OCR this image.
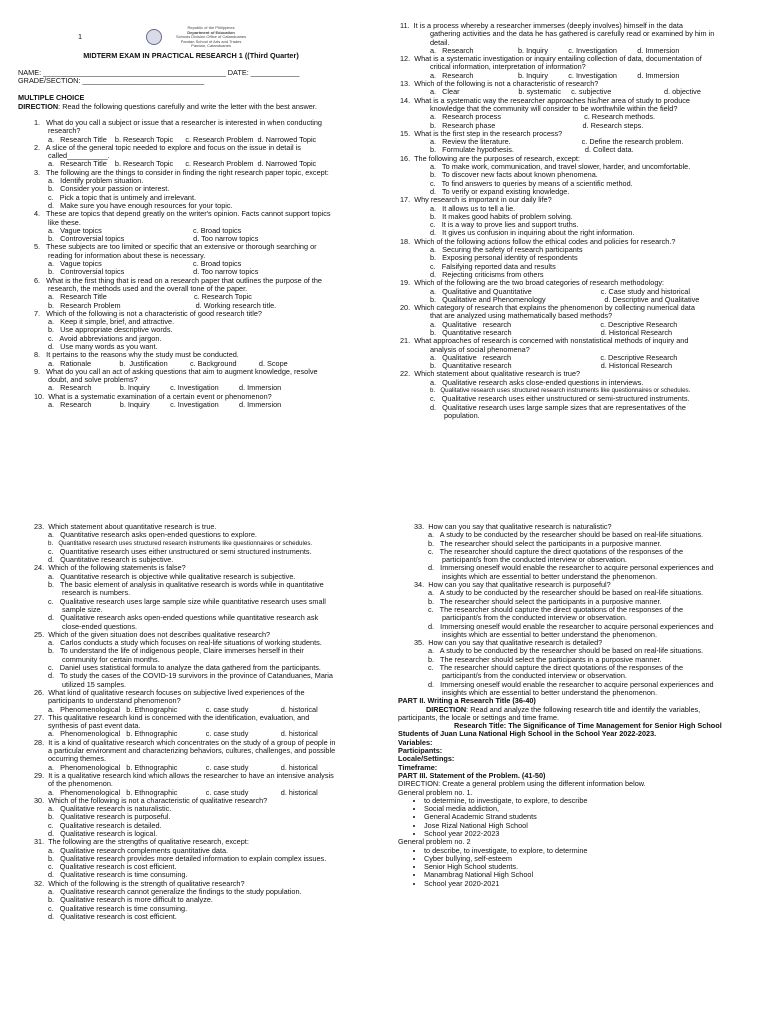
1
Republic of the Philippines
Department of Education
Schools Division Office of Catanduanes
Pandan School of Arts and Trades
Pandan, Catanduanes
MIDTERM EXAM IN PRACTICAL RESEARCH 1 ((Third Quarter)
NAME: _____________________________________________ DATE: ____________
GRADE/SECTION: ______________________________
MULTIPLE CHOICE
DIRECTION: Read the following questions carefully and write the letter with the best answer.
1.   What do you call a subject or issue that a researcher is interested in when conducting
research?
a.   Research Title    b. Research Topic      c. Research Problem  d. Narrowed Topic
2.   A slice of the general topic needed to explore and focus on the issue in detail is
called__________.
a.   Research Title    b. Research Topic      c. Research Problem  d. Narrowed Topic
3.   The following are the things to consider in finding the right research paper topic, except:
a.   Identify problem situation.
b.   Consider your passion or interest.
c.   Pick a topic that is untimely and irrelevant.
d.   Make sure you have enough resources for your topic.
4.   These are topics that depend greatly on the writer's opinion. Facts cannot support topics
like these.
a.   Vague topics                                             c. Broad topics
b.   Controversial topics                                  d. Too narrow topics
5.   These subjects are too limited or specific that an extensive or thorough searching or
reading for information about these is necessary.
a.   Vague topics                                             c. Broad topics
b.   Controversial topics                                  d. Too narrow topics
6.   What is the first thing that is read on a research paper that outlines the purpose of the
research, the methods used and the overall tone of the paper.
a.   Research Title                                           c. Research Topic
b.   Research Problem                                     d. Working research title.
7.   Which of the following is not a characteristic of good research title?
a.   Keep it simple, brief, and attractive.
b.   Use appropriate descriptive words.
c.   Avoid abbreviations and jargon.
d.   Use many words as you want.
8.   It pertains to the reasons why the study must be conducted.
a.   Rationale              b.  Justification           c. Background           d. Scope
9.   What do you call an act of asking questions that aim to augment knowledge, resolve
doubt, and solve problems?
a.   Research              b. Inquiry          c. Investigation          d. Immersion
10.  What is a systematic examination of a certain event or phenomenon?
a.   Research              b. Inquiry          c. Investigation          d. Immersion
11.  It is a process whereby a researcher immerses (deeply involves) himself in the data
gathering activities and the data he has gathered is carefully read or examined by him in
detail.
a.   Research                      b. Inquiry          c. Investigation          d. Immersion
12.  What is a systematic investigation or inquiry entailing collection of data, documentation of
critical information, interpretation of information?
a.   Research                      b. Inquiry          c. Investigation          d. Immersion
13.  Which of the following is not a characteristic of research?
a.   Clear                             b. systematic     c. subjective                          d. objective
14.  What is a systematic way the researcher approaches his/her area of study to produce
knowledge that the community will consider to be worthwhile within the field?
a.   Research process                                         c. Research methods.
b.   Research phase                                           d. Research steps.
15.  What is the first step in the research process?
a.   Review the literature.                                   c. Define the research problem.
b.   Formulate hypothesis.                                   d. Collect data.
16.  The following are the purposes of research, except:
a.   To make work, communication, and travel slower, harder, and uncomfortable.
b.   To discover new facts about known phenomena.
c.   To find answers to queries by means of a scientific method.
d.   To verify or expand existing knowledge.
17.  Why research is important in our daily life?
a.   It allows us to tell a lie.
b.   It makes good habits of problem solving.
c.   It is a way to prove lies and support truths.
d.   It gives us confusion in inquiring about the right information.
18.  Which of the following actions follow the ethical codes and policies for research.?
a.   Securing the safety of research participants
b.   Exposing personal identity of respondents
c.   Falsifying reported data and results
d.   Rejecting criticisms from others
19.  Which of the following are the two broad categories of research methodology:
a.   Qualitative and Quantitative                                  c. Case study and historical
b.   Qualitative and Phenomenology                             d. Descriptive and Qualitative
20.  Which category of research that explains the phenomenon by collecting numerical data
that are analyzed using mathematically based methods?
a.   Qualitative   research                                            c. Descriptive Research
b.   Quantitative research                                            d. Historical Research
21.  What approaches of research is concerned with nonstatistical methods of inquiry and
analysis of social phenomena?
a.   Qualitative   research                                            c. Descriptive Research
b.   Quantitative research                                            d. Historical Research
22.  Which statement about qualitative research is true?
a.   Qualitative research asks close-ended questions in interviews.
b.   Qualitative research uses structured research instruments like questionnaires or schedules.
c.   Qualitative research uses either unstructured or semi-structured instruments.
d.   Qualitative research uses large sample sizes that are representatives of the
population.
23.  Which statement about quantitative research is true.
a.   Quantitative research asks open-ended questions to explore.
b.   Quantitative research uses structured research instruments like questionnaires or schedules.
c.   Quantitative research uses either unstructured or semi structured instruments.
d.   Quantitative research is subjective.
24.  Which of the following statements is false?
a.   Quantitative research is objective while qualitative research is subjective.
b.   The basic element of analysis in qualitative research is words while in quantitative
research is numbers.
c.   Qualitative research uses large sample size while quantitative research uses small
sample size.
d.   Qualitative research asks open-ended questions while quantitative research ask
close-ended questions.
25.  Which of the given situation does not describes qualitative research?
a.   Carlos conducts a study which focuses on real-life situations of working students.
b.   To understand the life of indigenous people, Claire immerses herself in their
community for certain months.
c.   Daniel uses statistical formula to analyze the data gathered from the participants.
d.   To study the cases of the COVID-19 survivors in the province of Catanduanes, Maria
utilized 15 samples.
26.  What kind of qualitative research focuses on subjective lived experiences of the
participants to understand phenomenon?
a.   Phenomenological   b. Ethnographic              c. case study                d. historical
27.  This qualitative research kind is concerned with the identification, evaluation, and
synthesis of past event data.
a.   Phenomenological   b. Ethnographic              c. case study                d. historical
28.  It is a kind of qualitative research which concentrates on the study of a group of people in
a particular environment and characterizing behaviors, cultures, challenges, and possible
occurring themes.
a.   Phenomenological   b. Ethnographic              c. case study                d. historical
29.  It is a qualitative research kind which allows the researcher to have an intensive analysis
of the phenomenon.
a.   Phenomenological   b. Ethnographic              c. case study                d. historical
30.  Which of the following is not a characteristic of qualitative research?
a.   Qualitative research is naturalistic.
b.   Qualitative research is purposeful.
c.   Qualitative research is detailed.
d.   Qualitative research is logical.
31.  The following are the strengths of qualitative research, except:
a.   Qualitative research complements quantitative data.
b.   Qualitative research provides more detailed information to explain complex issues.
c.   Qualitative research is cost efficient.
d.   Qualitative research is time consuming.
32.  Which of the following is the strength of qualitative research?
a.   Qualitative research cannot generalize the findings to the study population.
b.   Qualitative research is more difficult to analyze.
c.   Qualitative research is time consuming.
d.   Qualitative research is cost efficient.
33.  How can you say that qualitative research is naturalistic?
a.   A study to be conducted by the researcher should be based on real-life situations.
b.   The researcher should select the participants in a purposive manner.
c.   The researcher should capture the direct quotations of the responses of the
participant/s from the conducted interview or observation.
d.   Immersing oneself would enable the researcher to acquire personal experiences and
insights which are essential to better understand the phenomenon.
34.  How can you say that qualitative research is purposeful?
a.   A study to be conducted by the researcher should be based on real-life situations.
b.   The researcher should select the participants in a purposive manner.
c.   The researcher should capture the direct quotations of the responses of the
participant/s from the conducted interview or observation.
d.   Immersing oneself would enable the researcher to acquire personal experiences and
insights which are essential to better understand the phenomenon.
35.  How can you say that qualitative research is detailed?
a.   A study to be conducted by the researcher should be based on real-life situations.
b.   The researcher should select the participants in a purposive manner.
c.   The researcher should capture the direct quotations of the responses of the
participant/s from the conducted interview or observation.
d.   Immersing oneself would enable the researcher to acquire personal experiences and
insights which are essential to better understand the phenomenon.
PART II. Writing a Research Title (36-40)
DIRECTION: Read and analyze the following research title and identify the variables,
participants, the locale or settings and time frame.
Research Title: The Significance of Time Management for Senior High School
Students of Juan Luna National High School in the School Year 2022-2023.
Variables:
Participants:
Locale/Settings:
Timeframe:
PART III. Statement of the Problem. (41-50)
DIRECTION: Create a general problem using the different information below.
General problem no. 1.
• to determine, to investigate, to explore, to describe
• Social media addiction,
• General Academic Strand students
• Jose Rizal National High School
• School year 2022-2023
General problem no. 2
• to describe, to investigate, to explore, to determine
• Cyber bullying, self-esteem
• Senior High School students.
• Manambrag National High School
• School year 2020-2021
